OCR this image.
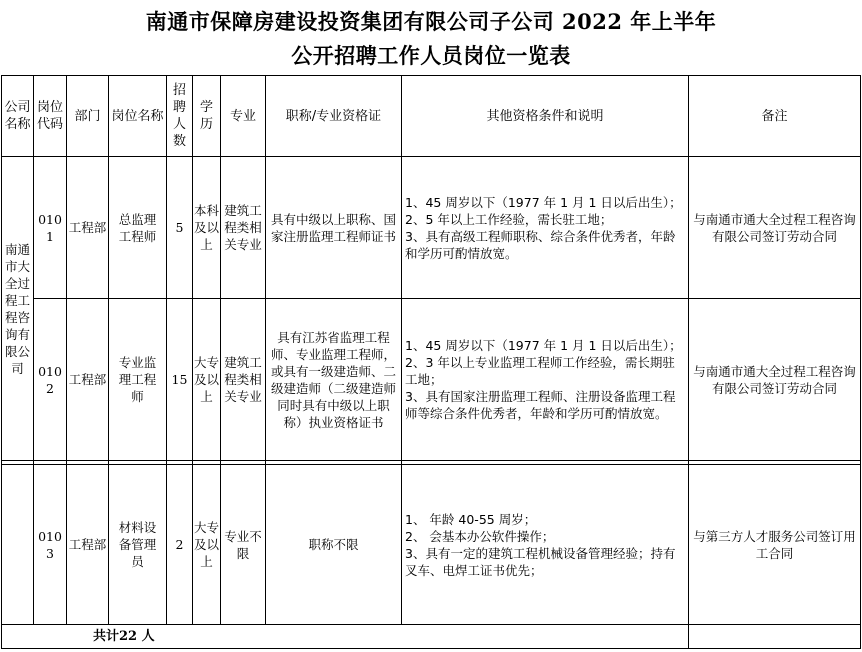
南通市保障房建设投资集团有限公司子公司 2022 年上半年
公开招聘工作人员岗位一览表
公司名称	岗位代码	部门	岗位名称	招聘人数	学历	专业	职称/专业资格证	其他资格条件和说明	备注
南通市大全过程工程咨询有限公司	0101	工程部	总监理工程师	5	本科及以上	建筑工程类相关专业	具有中级以上职称、国家注册监理工程师证书	1、45 周岁以下（1977 年 1 月 1 日以后出生）；
2、5 年以上工作经验，需长驻工地；
3、具有高级工程师职称、综合条件优秀者，年龄和学历可酌情放宽。	与南通市通大全过程工程咨询有限公司签订劳动合同
	0102	工程部	专业监理工程师	15	大专及以上	建筑工程类相关专业	具有江苏省监理工程师、专业监理工程师，或具有一级建造师、二级建造师（二级建造师同时具有中级以上职称）执业资格证书	1、45 周岁以下（1977 年 1 月 1 日以后出生）；
2、3 年以上专业监理工程师工作经验，需长期驻工地；
3、具有国家注册监理工程师、注册设备监理工程师等综合条件优秀者，年龄和学历可酌情放宽。	与南通市通大全过程工程咨询有限公司签订劳动合同

	0103	工程部	材料设备管理员	2	大专及以上	专业不限	职称不限	1、 年龄 40-55 周岁；
2、 会基本办公软件操作；
3、具有一定的建筑工程机械设备管理经验；持有叉车、电焊工证书优先；	与第三方人才服务公司签订用工合同
共计22 人									
